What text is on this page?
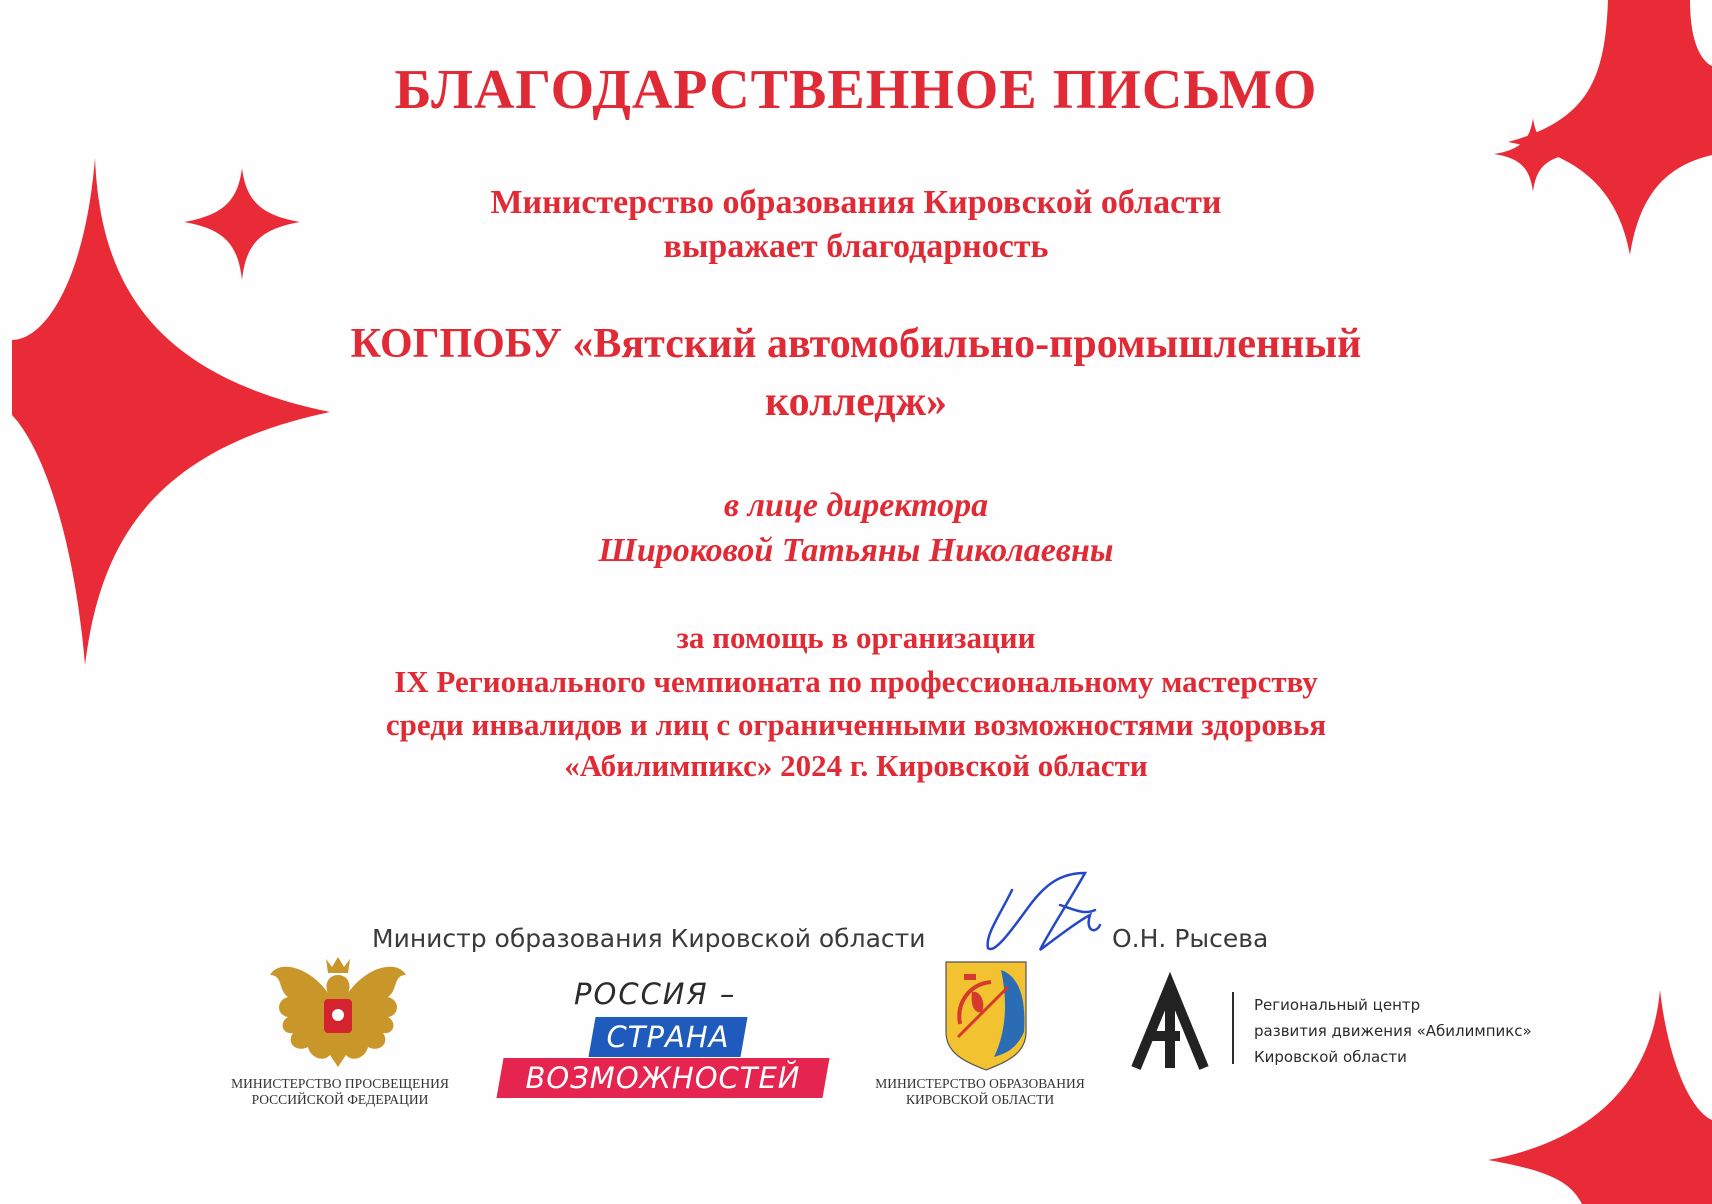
БЛАГОДАРСТВЕННОЕ ПИСЬМО
Министерство образования Кировской области
выражает благодарность
КОГПОБУ «Вятский автомобильно-промышленный
колледж»
в лице директора
Широковой Татьяны Николаевны
за помощь в организации
IX Регионального чемпионата по профессиональному мастерству
среди инвалидов и лиц с ограниченными возможностями здоровья
«Абилимпикс» 2024 г. Кировской области
Министр образования Кировской области	О.Н. Рысева
МИНИСТЕРСТВО ПРОСВЕЩЕНИЯ РОССИЙСКОЙ ФЕДЕРАЦИИ
РОССИЯ –
СТРАНА
ВОЗМОЖНОСТЕЙ	МИНИСТЕРСТВО ОБРАЗОВАНИЯ КИРОВСКОЙ ОБЛАСТИ
Региональный центр
развития движения «Абилимпикс»
Кировской области
